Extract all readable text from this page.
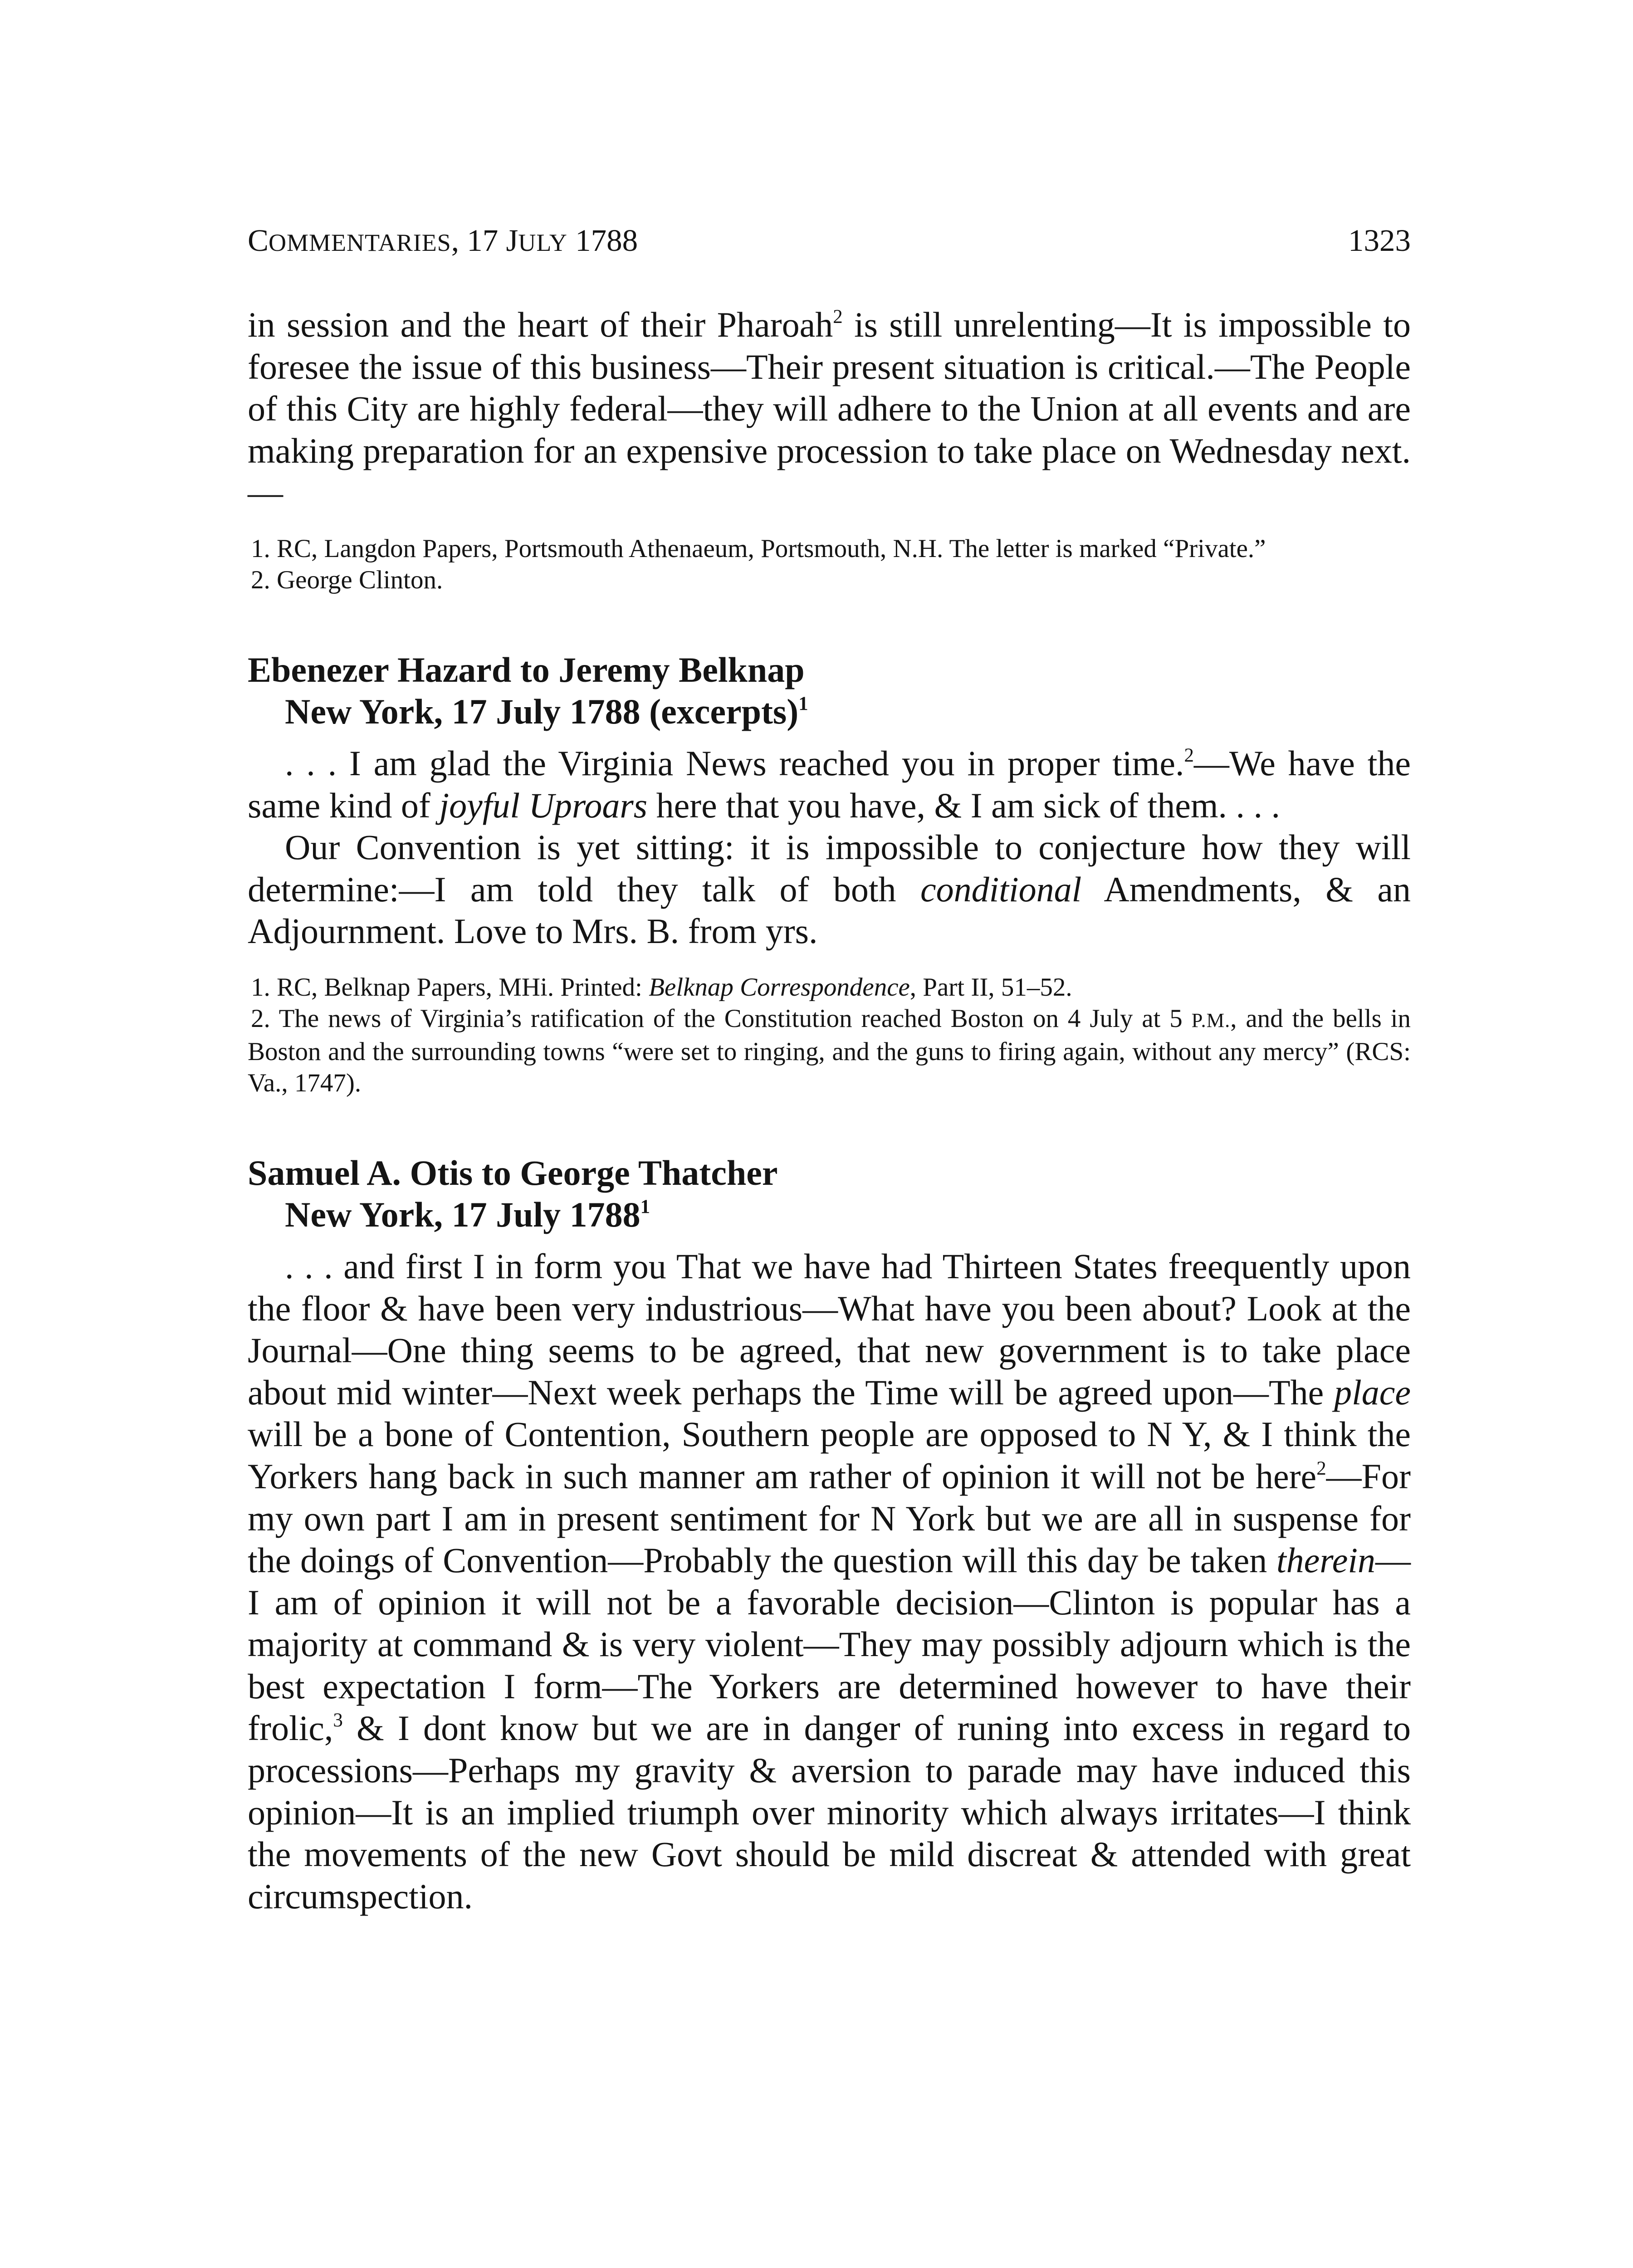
COMMENTARIES, 17 JULY 1788	1323

in session and the heart of their Pharoah$^2$ is still unrelenting—It is impossible to foresee the issue of this business—Their present situation is critical.—The People of this City are highly federal—they will adhere to the Union at all events and are making preparation for an expensive procession to take place on Wednesday next.—

1. RC, Langdon Papers, Portsmouth Athenaeum, Portsmouth, N.H. The letter is marked “Private.”

2. George Clinton.

Ebenezer Hazard to Jeremy Belknap

New York, 17 July 1788 (excerpts)$^1$

. . . I am glad the Virginia News reached you in proper time.$^2$—We have the same kind of joyful Uproars here that you have, & I am sick of them. . . .

Our Convention is yet sitting: it is impossible to conjecture how they will determine:—I am told they talk of both conditional Amendments, & an Adjournment. Love to Mrs. B. from yrs.

1. RC, Belknap Papers, MHi. Printed: Belknap Correspondence, Part II, 51–52.

2. The news of Virginia’s ratification of the Constitution reached Boston on 4 July at 5 P.M., and the bells in Boston and the surrounding towns “were set to ringing, and the guns to firing again, without any mercy” (RCS: Va., 1747).

Samuel A. Otis to George Thatcher

New York, 17 July 1788$^1$

. . . and first I in form you That we have had Thirteen States freequently upon the floor & have been very industrious—What have you been about? Look at the Journal—One thing seems to be agreed, that new government is to take place about mid winter—Next week perhaps the Time will be agreed upon—The place will be a bone of Contention, Southern people are opposed to N Y, & I think the Yorkers hang back in such manner am rather of opinion it will not be here$^2$—For my own part I am in present sentiment for N York but we are all in suspense for the doings of Convention—Probably the question will this day be taken therein—I am of opinion it will not be a favorable decision—Clinton is popular has a majority at command & is very violent—They may possibly adjourn which is the best expectation I form—The Yorkers are determined however to have their frolic,$^3$ & I dont know but we are in danger of runing into excess in regard to processions—Perhaps my gravity & aversion to parade may have induced this opinion—It is an implied triumph over minority which always irritates—I think the movements of the new Govt should be mild discreat & attended with great circumspection.
